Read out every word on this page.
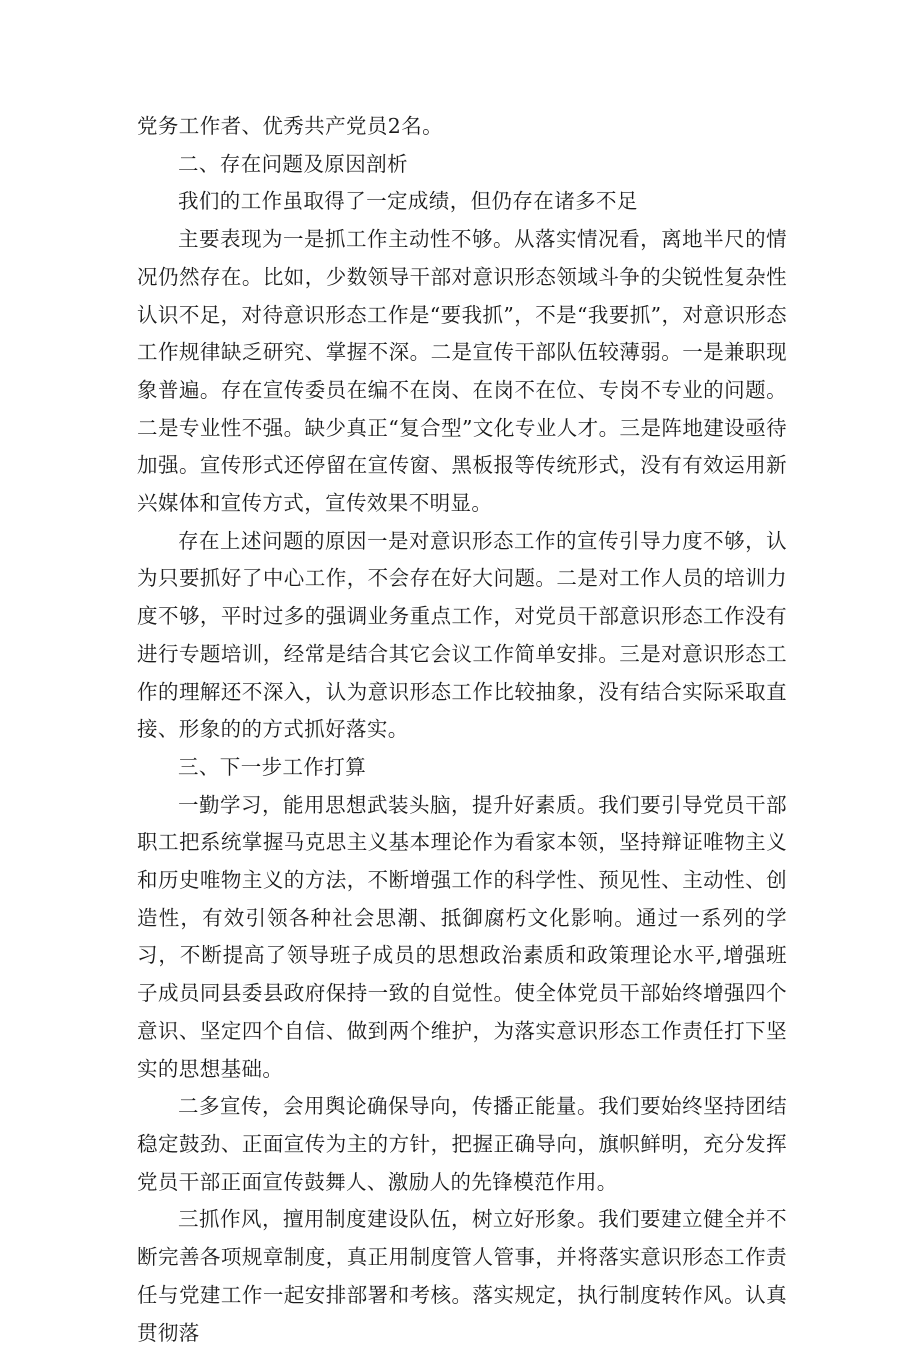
党务工作者、优秀共产党员2名。

二、存在问题及原因剖析

我们的工作虽取得了一定成绩，但仍存在诸多不足

主要表现为一是抓工作主动性不够。从落实情况看，离地半尺的情况仍然存在。比如，少数领导干部对意识形态领域斗争的尖锐性复杂性认识不足，对待意识形态工作是“要我抓”，不是“我要抓”，对意识形态工作规律缺乏研究、掌握不深。二是宣传干部队伍较薄弱。一是兼职现象普遍。存在宣传委员在编不在岗、在岗不在位、专岗不专业的问题。二是专业性不强。缺少真正“复合型”文化专业人才。三是阵地建设亟待加强。宣传形式还停留在宣传窗、黑板报等传统形式，没有有效运用新兴媒体和宣传方式，宣传效果不明显。

存在上述问题的原因一是对意识形态工作的宣传引导力度不够，认为只要抓好了中心工作，不会存在好大问题。二是对工作人员的培训力度不够，平时过多的强调业务重点工作，对党员干部意识形态工作没有进行专题培训，经常是结合其它会议工作简单安排。三是对意识形态工作的理解还不深入，认为意识形态工作比较抽象，没有结合实际采取直接、形象的的方式抓好落实。

三、下一步工作打算

一勤学习，能用思想武装头脑，提升好素质。我们要引导党员干部职工把系统掌握马克思主义基本理论作为看家本领，坚持辩证唯物主义和历史唯物主义的方法，不断增强工作的科学性、预见性、主动性、创造性，有效引领各种社会思潮、抵御腐朽文化影响。通过一系列的学习，不断提高了领导班子成员的思想政治素质和政策理论水平,增强班子成员同县委县政府保持一致的自觉性。使全体党员干部始终增强四个意识、坚定四个自信、做到两个维护，为落实意识形态工作责任打下坚实的思想基础。

二多宣传，会用舆论确保导向，传播正能量。我们要始终坚持团结稳定鼓劲、正面宣传为主的方针，把握正确导向，旗帜鲜明，充分发挥党员干部正面宣传鼓舞人、激励人的先锋模范作用。

三抓作风，擅用制度建设队伍，树立好形象。我们要建立健全并不断完善各项规章制度，真正用制度管人管事，并将落实意识形态工作责任与党建工作一起安排部署和考核。落实规定，执行制度转作风。认真贯彻落
